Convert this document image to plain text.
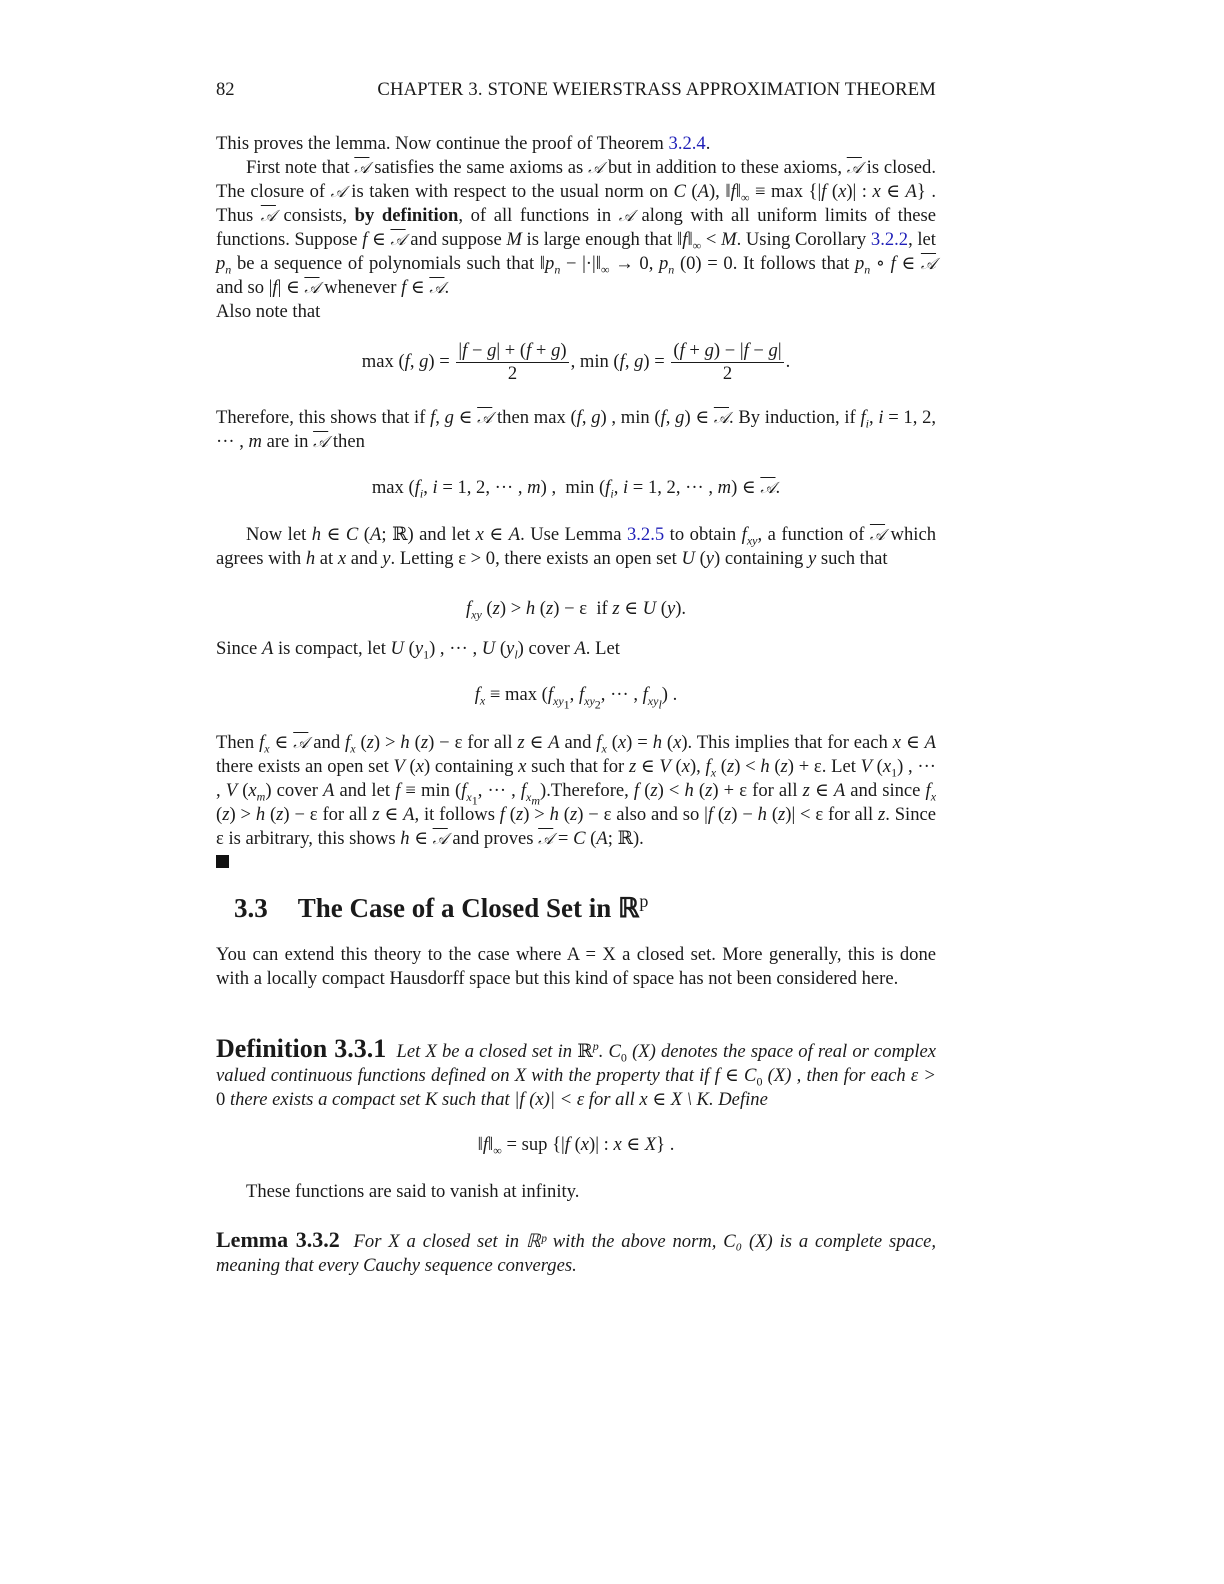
82	CHAPTER 3. STONE WEIERSTRASS APPROXIMATION THEOREM
This proves the lemma. Now continue the proof of Theorem 3.2.4.
First note that 𝒜 satisfies the same axioms as 𝒜 but in addition to these axioms, 𝒜 is closed. The closure of 𝒜 is taken with respect to the usual norm on C (A), $‖f‖_\infty \equiv \max \{|f$ (x)| : x ∈ A} . Thus 𝒜 consists, by definition, of all functions in 𝒜 along with all uniform limits of these functions. Suppose f ∈ 𝒜 and suppose M is large enough that $‖f‖_\infty < M$. Using Corollary 3.2.2, let $p_n$ be a sequence of polynomials such that $‖p_n$ − $|\cdot|‖_\infty \to 0$, $p_n$ (0) = 0. It follows that $p_n$ ∘ f ∈ 𝒜 and so |f| ∈ 𝒜 whenever f ∈ 𝒜.
Also note that
max (f, $g) = \frac{|f - g| + (f + g)}{2}$ , min (f, $g) = \frac{(f + g) - |f - g|}{2}$ .
Therefore, this shows that if f, g ∈ 𝒜 then max (f, g) , min (f, g) ∈ 𝒜. By induction, if $f_i$, i = 1, 2, ··· , m are in 𝒜 then
$\max (f_i$, i = 1, 2, ··· , m) ,  $\min (f_i$, i = 1, 2, ··· , m) ∈ 𝒜.
Now let h ∈ C (A; ℝ) and let x ∈ A. Use Lemma 3.2.5 to obtain $f_{xy}$, a function of 𝒜 which agrees with h at x and y. Letting ε > 0, there exists an open set U (y) containing y such that
$f_{xy}$ (z) > h (z) − ε  if z ∈ U (y).
Since A is compact, let U $(y_1)$ , ··· , U $(y_l)$ cover A. Let
$f_x \equiv \max (f_{xy_1}$, $f_{xy_2}$, ··· , $f_{xy_l}$) .
Then $f_x$ ∈ 𝒜 and $f_x$ (z) > h (z) − ε for all z ∈ A and $f_x$ (x) = h (x). This implies that for each x ∈ A there exists an open set V (x) containing x such that for z ∈ V (x), $f_x$ (z) < h (z) + ε. Let V $(x_1)$ , ··· , V $(x_m)$ cover A and let $f \equiv \min (f_{x_1}$, ··· , $f_{x_m}).Therefore$, f (z) < h (z) + ε for all z ∈ A and since $f_x$ (z) > h (z) − ε for all z ∈ A, it follows f (z) > h (z) − ε also and so |f (z) − h (z)| < ε for all z. Since ε is arbitrary, this shows h ∈ 𝒜 and proves 𝒜 = C (A; ℝ).

3.3 The Case of a Closed Set in ℝ$^p$
You can extend this theory to the case where A = X a closed set. More generally, this is done with a locally compact Hausdorff space but this kind of space has not been considered here.
Definition 3.3.1  Let X be a closed set in ℝ$^p$. $C_0$ (X) denotes the space of real or complex valued continuous functions defined on X with the property that if f ∈ $C_0$ (X) , then for each ε > 0 there exists a compact set K such that |f (x)| < ε for all x ∈ X \ K. Define
$‖f‖_\infty$ = sup {|f (x)| : x ∈ X} .
These functions are said to vanish at infinity.
Lemma 3.3.2 For X a closed set in ℝᵖ with the above norm, C₀ (X) is a complete space, meaning that every Cauchy sequence converges.
